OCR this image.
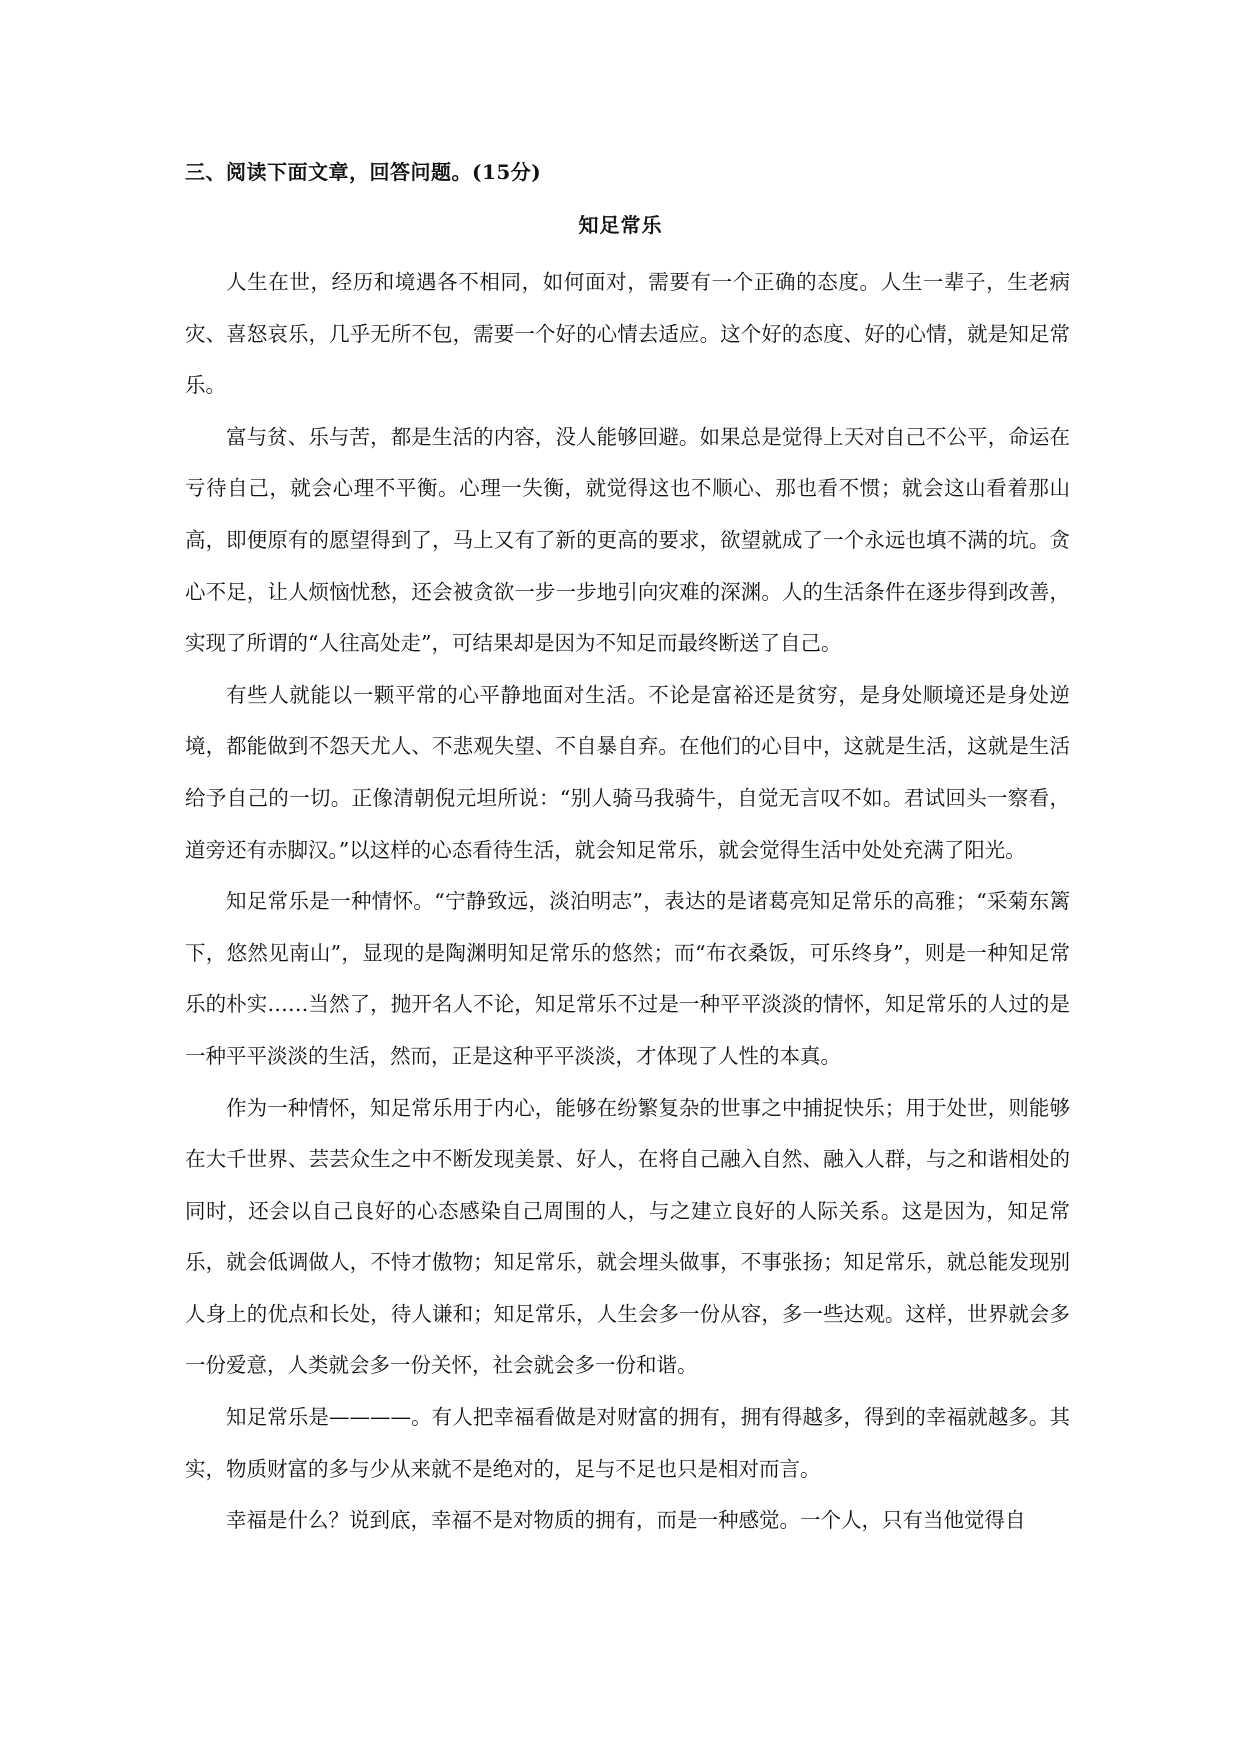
三、阅读下面文章，回答问题。(15分)
知足常乐

人生在世，经历和境遇各不相同，如何面对，需要有一个正确的态度。人生一辈子，生老病灾、喜怒哀乐，几乎无所不包，需要一个好的心情去适应。这个好的态度、好的心情，就是知足常乐。

富与贫、乐与苦，都是生活的内容，没人能够回避。如果总是觉得上天对自己不公平，命运在亏待自己，就会心理不平衡。心理一失衡，就觉得这也不顺心、那也看不惯；就会这山看着那山高，即便原有的愿望得到了，马上又有了新的更高的要求，欲望就成了一个永远也填不满的坑。贪心不足，让人烦恼忧愁，还会被贪欲一步一步地引向灾难的深渊。人的生活条件在逐步得到改善，实现了所谓的“人往高处走”，可结果却是因为不知足而最终断送了自己。

有些人就能以一颗平常的心平静地面对生活。不论是富裕还是贫穷，是身处顺境还是身处逆境，都能做到不怨天尤人、不悲观失望、不自暴自弃。在他们的心目中，这就是生活，这就是生活给予自己的一切。正像清朝倪元坦所说：“别人骑马我骑牛，自觉无言叹不如。君试回头一察看，道旁还有赤脚汉。”以这样的心态看待生活，就会知足常乐，就会觉得生活中处处充满了阳光。

知足常乐是一种情怀。“宁静致远，淡泊明志”，表达的是诸葛亮知足常乐的高雅；“采菊东篱下，悠然见南山”，显现的是陶渊明知足常乐的悠然；而“布衣桑饭，可乐终身”，则是一种知足常乐的朴实……当然了，抛开名人不论，知足常乐不过是一种平平淡淡的情怀，知足常乐的人过的是一种平平淡淡的生活，然而，正是这种平平淡淡，才体现了人性的本真。

作为一种情怀，知足常乐用于内心，能够在纷繁复杂的世事之中捕捉快乐；用于处世，则能够在大千世界、芸芸众生之中不断发现美景、好人，在将自己融入自然、融入人群，与之和谐相处的同时，还会以自己良好的心态感染自己周围的人，与之建立良好的人际关系。这是因为，知足常乐，就会低调做人，不恃才傲物；知足常乐，就会埋头做事，不事张扬；知足常乐，就总能发现别人身上的优点和长处，待人谦和；知足常乐，人生会多一份从容，多一些达观。这样，世界就会多一份爱意，人类就会多一份关怀，社会就会多一份和谐。

知足常乐是————。有人把幸福看做是对财富的拥有，拥有得越多，得到的幸福就越多。其实，物质财富的多与少从来就不是绝对的，足与不足也只是相对而言。

幸福是什么？说到底，幸福不是对物质的拥有，而是一种感觉。一个人，只有当他觉得自
